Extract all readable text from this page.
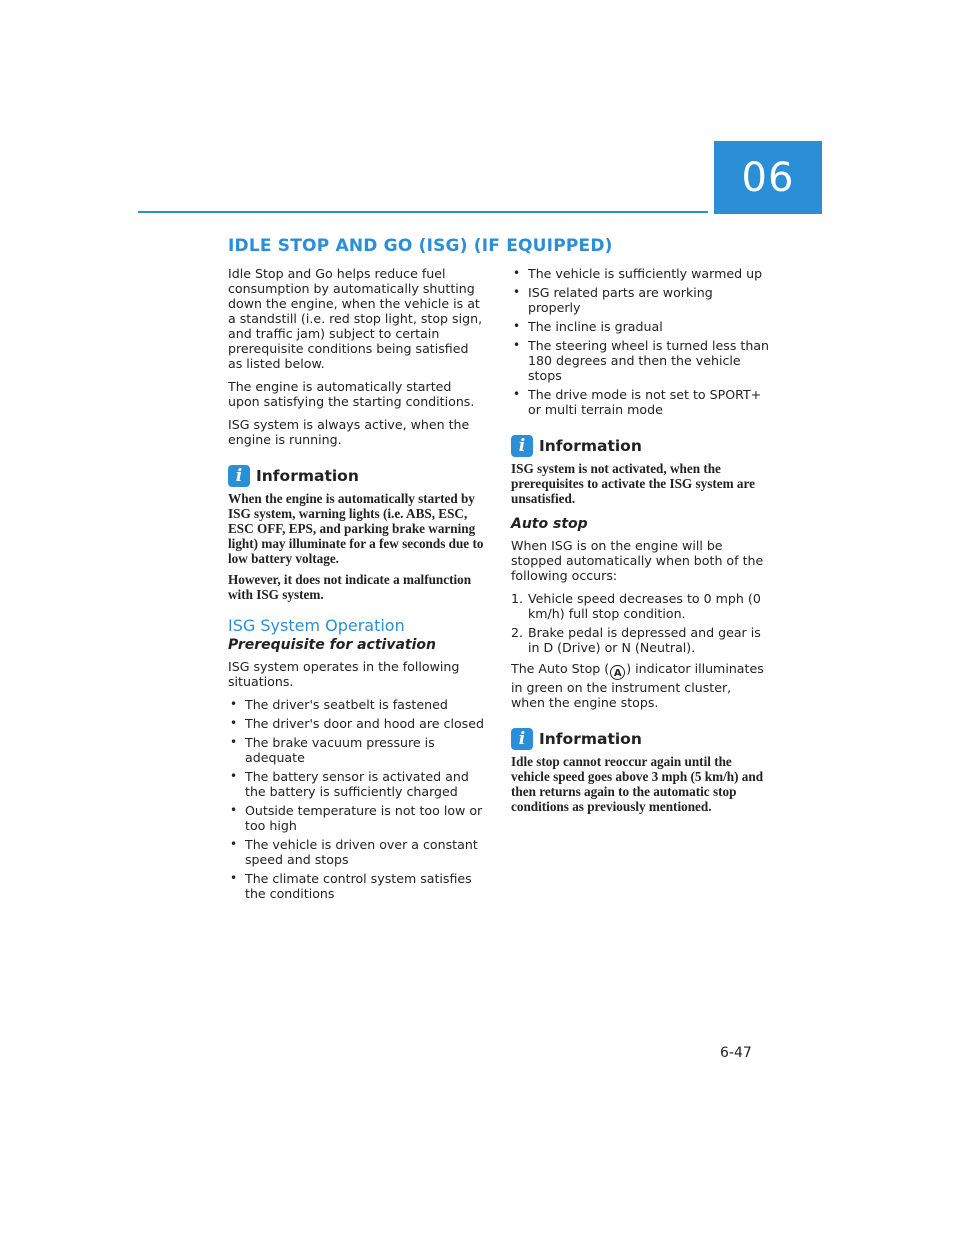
06
IDLE STOP AND GO (ISG) (IF EQUIPPED)

Idle Stop and Go helps reduce fuel consumption by automatically shutting down the engine, when the vehicle is at a standstill (i.e. red stop light, stop sign, and traffic jam) subject to certain prerequisite conditions being satisfied as listed below.

The engine is automatically started upon satisfying the starting conditions.

ISG system is always active, when the engine is running.

i Information

When the engine is automatically started by ISG system, warning lights (i.e. ABS, ESC, ESC OFF, EPS, and parking brake warning light) may illuminate for a few seconds due to low battery voltage.

However, it does not indicate a malfunction with ISG system.

ISG System Operation
Prerequisite for activation

ISG system operates in the following situations.

• The driver's seatbelt is fastened
• The driver's door and hood are closed
• The brake vacuum pressure is adequate
• The battery sensor is activated and the battery is sufficiently charged
• Outside temperature is not too low or too high
• The vehicle is driven over a constant speed and stops
• The climate control system satisfies the conditions
• The vehicle is sufficiently warmed up
• ISG related parts are working properly
• The incline is gradual
• The steering wheel is turned less than 180 degrees and then the vehicle stops
• The drive mode is not set to SPORT+ or multi terrain mode
i Information

ISG system is not activated, when the prerequisites to activate the ISG system are unsatisfied.

Auto stop

When ISG is on the engine will be stopped automatically when both of the following occurs:

1. Vehicle speed decreases to 0 mph (0 km/h) full stop condition.
2. Brake pedal is depressed and gear is in D (Drive) or N (Neutral).

The Auto Stop ( A ) indicator illuminates in green on the instrument cluster, when the engine stops.

i Information

Idle stop cannot reoccur again until the vehicle speed goes above 3 mph (5 km/h) and then returns again to the automatic stop conditions as previously mentioned.

6-47
